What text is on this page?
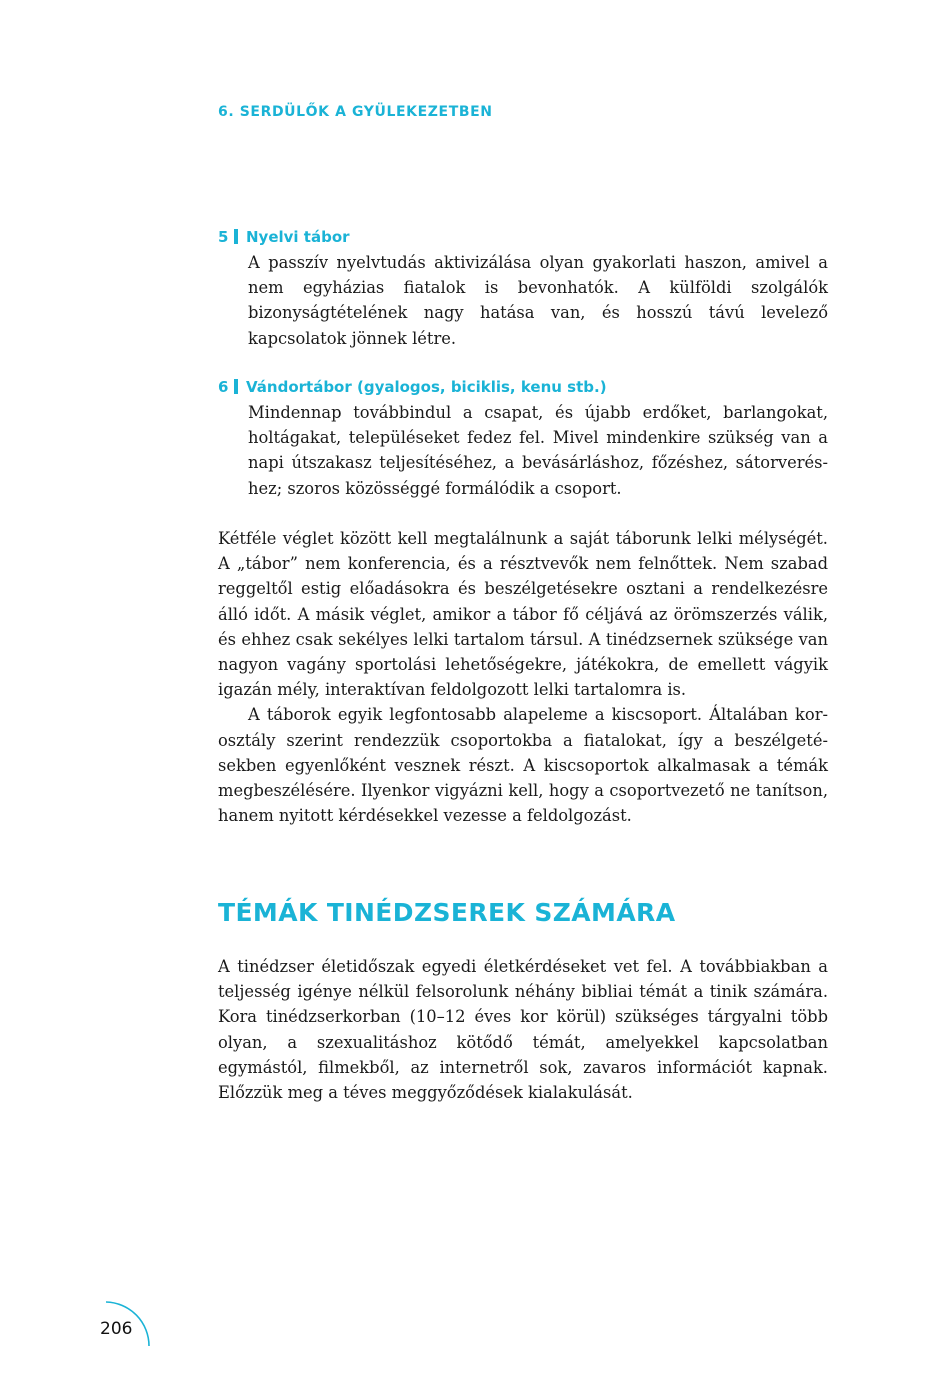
6. SERDÜLŐK A GYÜLEKEZETBEN
5 Nyelvi tábor

A passzív nyelvtudás aktivizálása olyan gyakorlati haszon, amivel a nem egyházias fiatalok is bevonhatók. A külföldi szolgálók bizonyságtételének nagy hatása van, és hosszú távú levelező kapcsolatok jönnek létre.

6 Vándortábor (gyalogos, biciklis, kenu stb.)

Mindennap továbbindul a csapat, és újabb erdőket, barlangokat, holtágakat, településeket fedez fel. Mivel mindenkire szükség van a napi útszakasz teljesítéséhez, a bevásárláshoz, főzéshez, sátorveréshez; szoros közösséggé formálódik a csoport.

Kétféle véglet között kell megtalálnunk a saját táborunk lelki mélységét. A „tábor” nem konferencia, és a résztvevők nem felnőttek. Nem szabad reggeltől estig előadásokra és beszélgetésekre osztani a rendelkezésre álló időt. A másik véglet, amikor a tábor fő céljává az örömszerzés válik, és ehhez csak sekélyes lelki tartalom társul. A tinédzsernek szüksége van nagyon vagány sportolási lehetőségekre, játékokra, de emellett vágyik igazán mély, interaktívan feldolgozott lelki tartalomra is.

A táborok egyik legfontosabb alapeleme a kiscsoport. Általában korosztály szerint rendezzük csoportokba a fiatalokat, így a beszélgetésekben egyenlőként vesznek részt. A kiscsoportok alkalmasak a témák megbeszélésére. Ilyenkor vigyázni kell, hogy a csoportvezető ne tanítson, hanem nyitott kérdésekkel vezesse a feldolgozást.

TÉMÁK TINÉDZSEREK SZÁMÁRA

A tinédzser életidőszak egyedi életkérdéseket vet fel. A továbbiakban a teljesség igénye nélkül felsorolunk néhány bibliai témát a tinik számára. Kora tinédzserkorban (10–12 éves kor körül) szükséges tárgyalni több olyan, a szexualitáshoz kötődő témát, amelyekkel kapcsolatban egymástól, filmekből, az internetről sok, zavaros információt kapnak. Előzzük meg a téves meggyőződések kialakulását.

206
